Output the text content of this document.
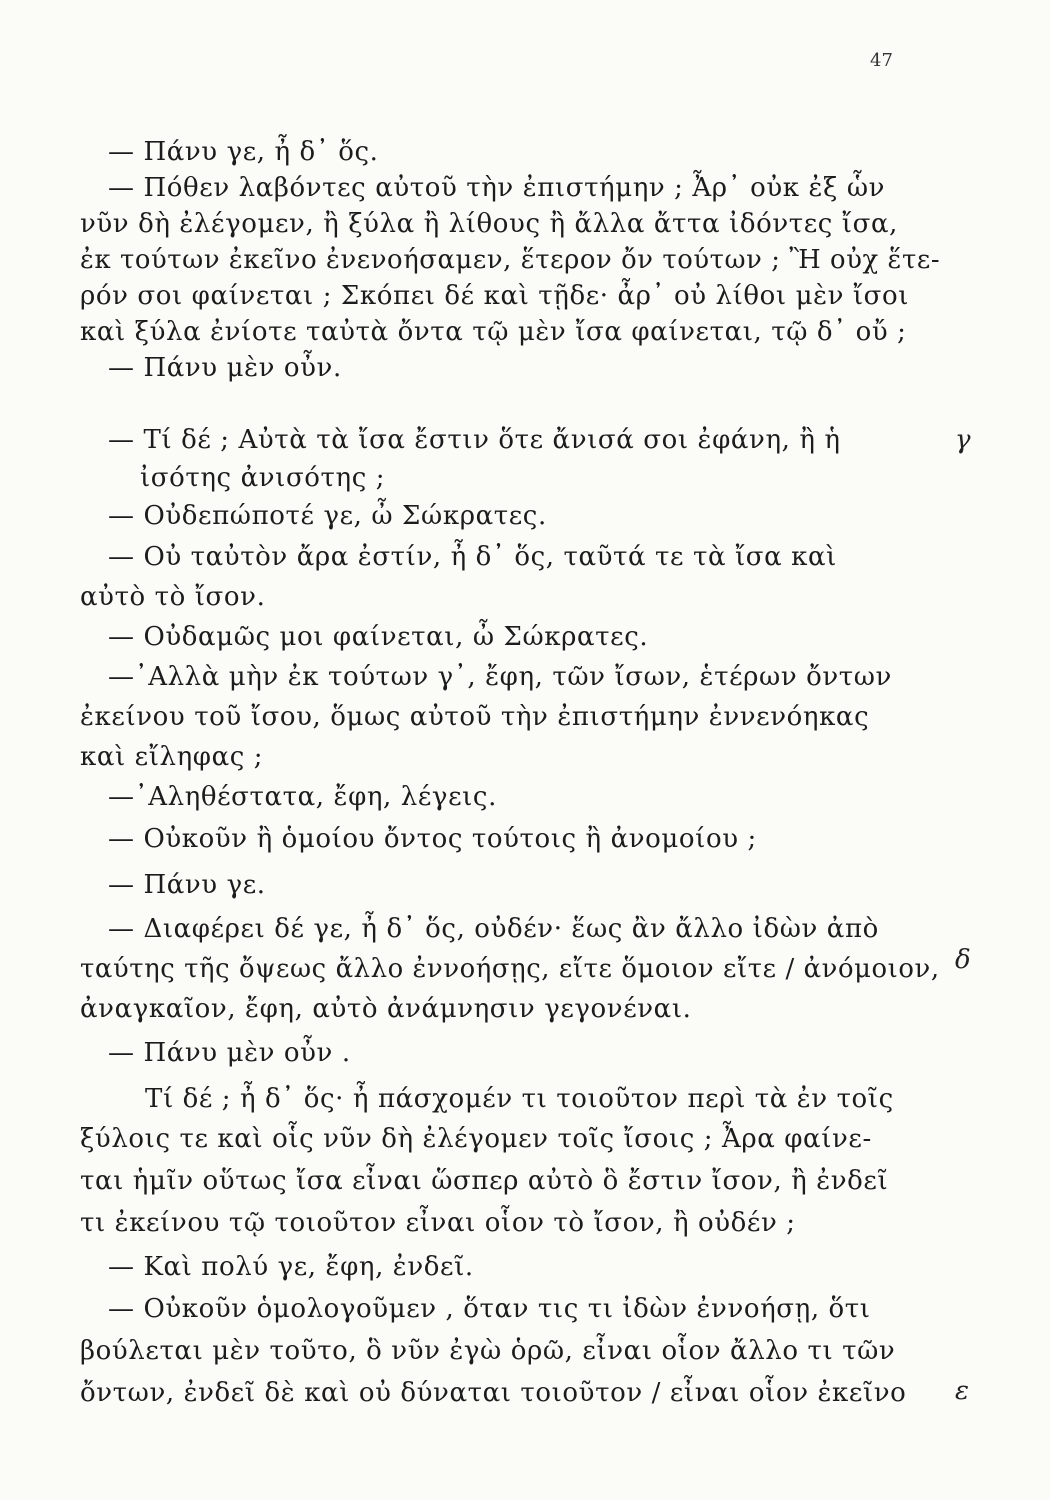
47
— Πάνυ γε, ἦ δ᾽ ὅς.
— Πόθεν λαβόντες αὐτοῦ τὴν ἐπιστήμην ; Ἆρ᾽ οὐκ ἐξ ὧν
νῦν δὴ ἐλέγομεν, ἢ ξύλα ἢ λίθους ἢ ἄλλα ἄττα ἰδόντες ἴσα,
ἐκ τούτων ἐκεῖνο ἐνενοήσαμεν, ἕτερον ὄν τούτων ; Ἢ οὐχ ἕτε-
ρόν σοι φαίνεται ; Σκόπει δέ καὶ τῇδε· ἆρ᾽ οὐ λίθοι μὲν ἴσοι
καὶ ξύλα ἐνίοτε ταὐτὰ ὄντα τῷ μὲν ἴσα φαίνεται, τῷ δ᾽ οὔ ;
— Πάνυ μὲν οὖν.
— Τί δέ ; Αὐτὰ τὰ ἴσα ἔστιν ὅτε ἄνισά σοι ἐφάνη, ἢ ἡ
ἰσότης ἀνισότης ;
— Οὐδεπώποτέ γε, ὦ Σώκρατες.
— Οὐ ταὐτὸν ἄρα ἐστίν, ἦ δ᾽ ὅς, ταῦτά τε τὰ ἴσα καὶ
αὐτὸ τὸ ἴσον.
— Οὐδαμῶς μοι φαίνεται, ὦ Σώκρατες.
—᾽Αλλὰ μὴν ἐκ τούτων γ᾽, ἔφη, τῶν ἴσων, ἑτέρων ὄντων
ἐκείνου τοῦ ἴσου, ὅμως αὐτοῦ τὴν ἐπιστήμην ἐννενόηκας
καὶ εἴληφας ;
—᾽Αληθέστατα, ἔφη, λέγεις.
— Οὐκοῦν ἢ ὁμοίου ὄντος τούτοις ἢ ἀνομοίου ;
— Πάνυ γε.
— Διαφέρει δέ γε, ἦ δ᾽ ὅς, οὐδέν· ἕως ἂν ἄλλο ἰδὼν ἀπὸ
ταύτης τῆς ὄψεως ἄλλο ἐννοήσῃς, εἴτε ὅμοιον εἴτε / ἀνόμοιον,
ἀναγκαῖον, ἔφη, αὐτὸ ἀνάμνησιν γεγονέναι.
— Πάνυ μὲν οὖν .
Τί δέ ; ἦ δ᾽ ὅς· ἦ πάσχομέν τι τοιοῦτον περὶ τὰ ἐν τοῖς
ξύλοις τε καὶ οἷς νῦν δὴ ἐλέγομεν τοῖς ἴσοις ; Ἆρα φαίνε-
ται ἡμῖν οὕτως ἴσα εἶναι ὥσπερ αὐτὸ ὃ ἔστιν ἴσον, ἢ ἐνδεῖ
τι ἐκείνου τῷ τοιοῦτον εἶναι οἷον τὸ ἴσον, ἢ οὐδέν ;
— Καὶ πολύ γε, ἔφη, ἐνδεῖ.
— Οὐκοῦν ὁμολογοῦμεν , ὅταν τις τι ἰδὼν ἐννοήσῃ, ὅτι
βούλεται μὲν τοῦτο, ὃ νῦν ἐγὼ ὁρῶ, εἶναι οἷον ἄλλο τι τῶν
ὄντων, ἐνδεῖ δὲ καὶ οὐ δύναται τοιοῦτον / εἶναι οἷον ἐκεῖνο
γ
δ
ε
